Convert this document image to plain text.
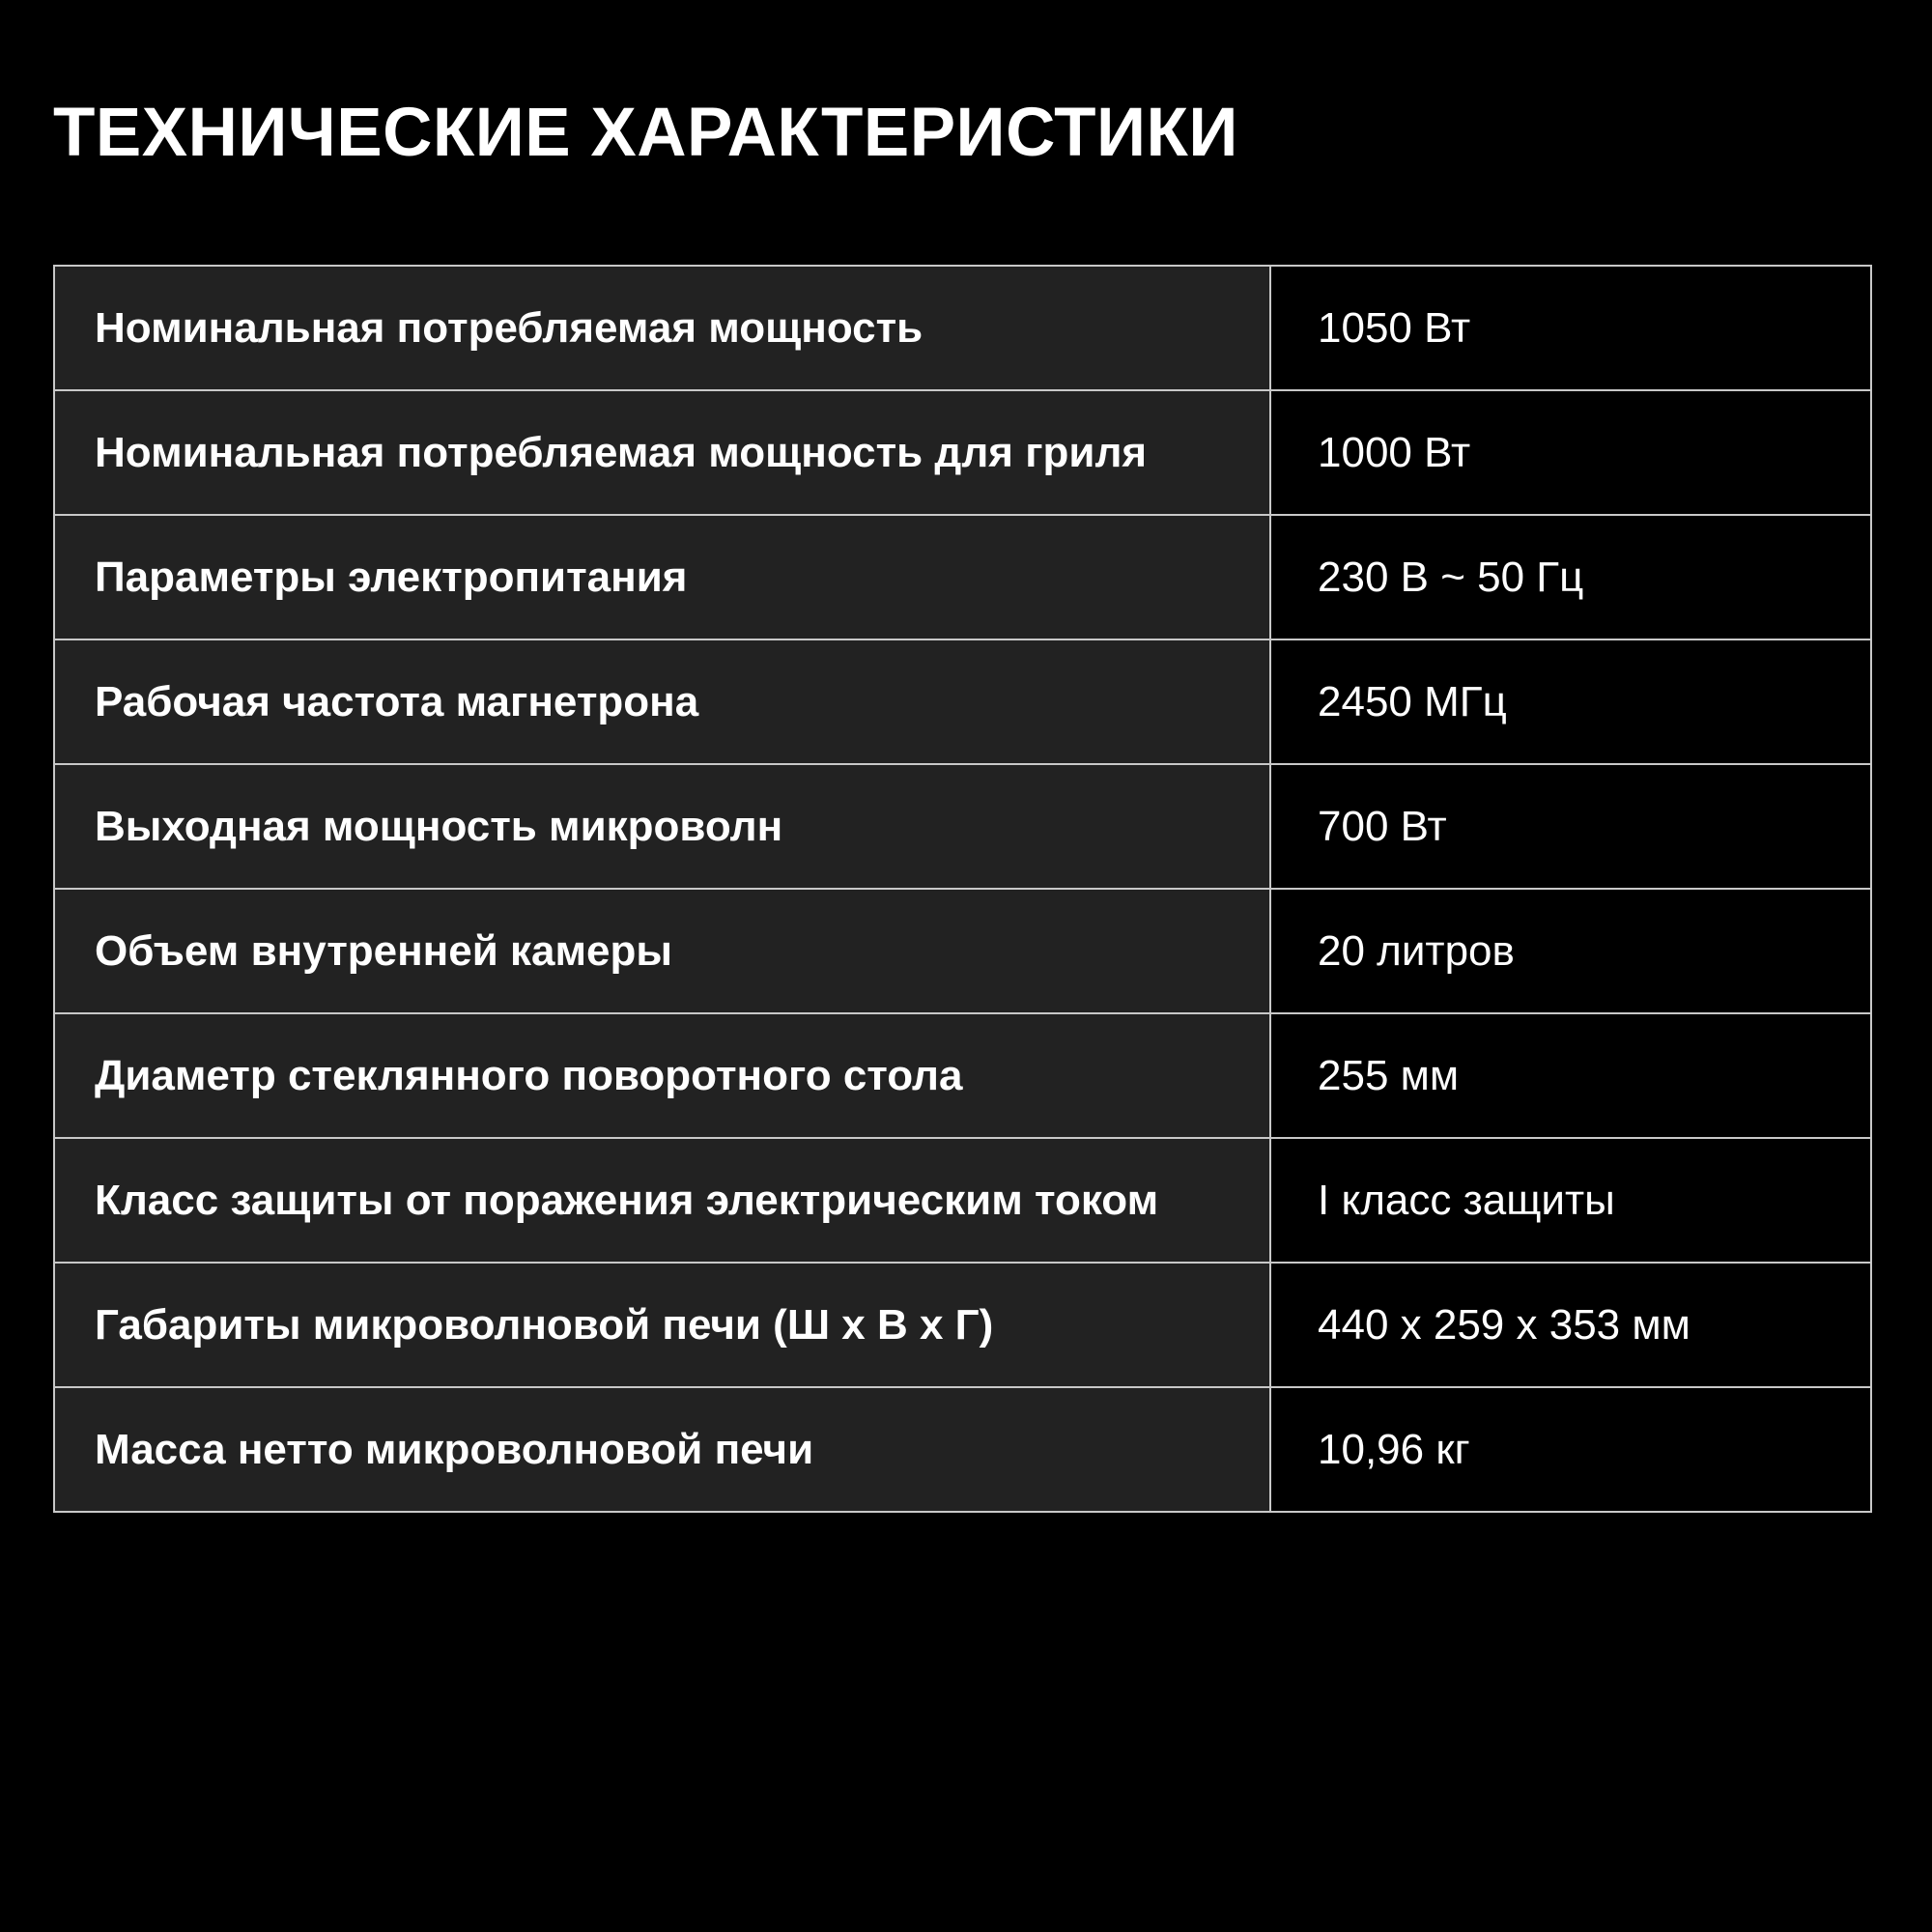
ТЕХНИЧЕСКИЕ ХАРАКТЕРИСТИКИ
Номинальная потребляемая мощность	1050 Вт
Номинальная потребляемая мощность для гриля	1000 Вт
Параметры электропитания	230 В ~ 50 Гц
Рабочая частота магнетрона	2450 МГц
Выходная мощность микроволн	700 Вт
Объем внутренней камеры	20 литров
Диаметр стеклянного поворотного стола	255 мм
Класс защиты от поражения электрическим током	I класс защиты
Габариты микроволновой печи (Ш х В х Г)	440 х 259 х 353 мм
Масса нетто микроволновой печи	10,96 кг
